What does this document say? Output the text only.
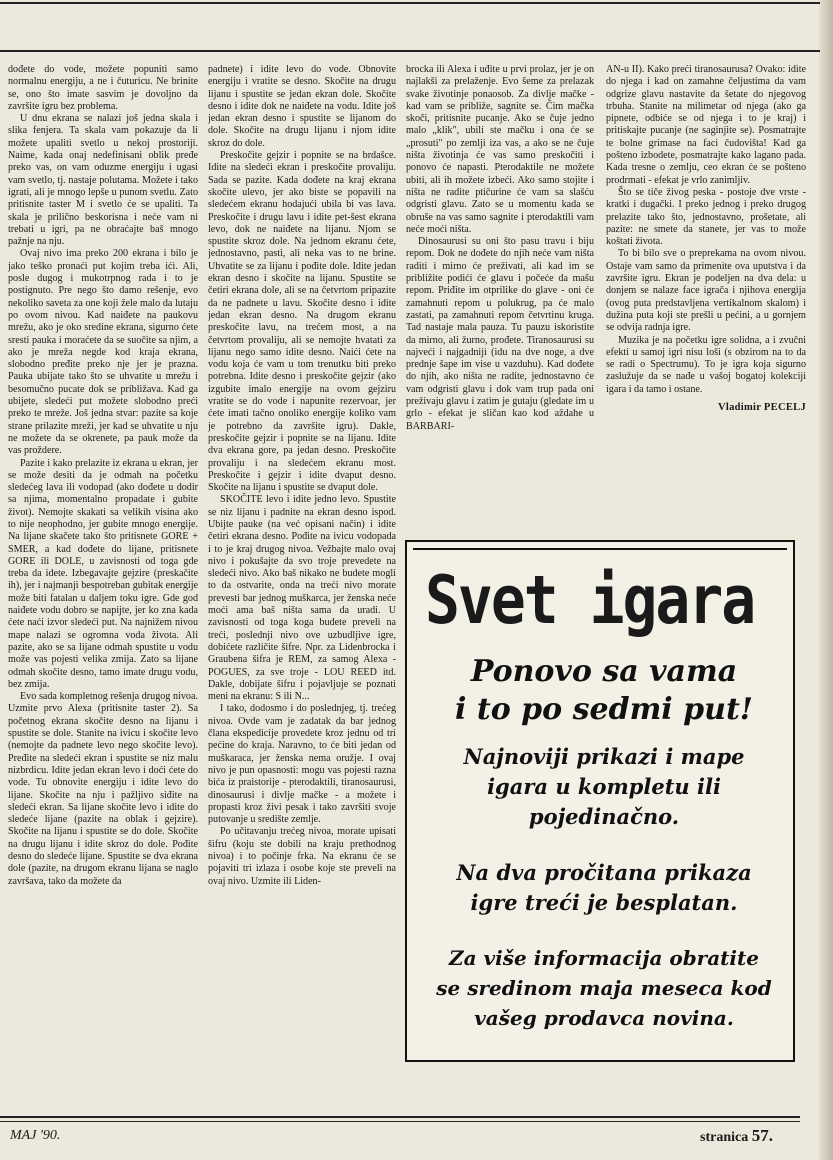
dođete do vode, možete popuniti samo normalnu energiju, a ne i čuturicu. Ne brinite se, ono što imate sasvim je dovoljno da završite igru bez problema.

U dnu ekrana se nalazi još jedna skala i slika fenjera. Ta skala vam pokazuje da li možete upaliti svetlo u nekoj prostoriji. Naime, kada onaj nedefinisani oblik pređe preko vas, on vam oduzme energiju i ugasi vam svetlo, tj. nastaje polutama. Možete i tako igrati, ali je mnogo lepše u punom svetlu. Zato pritisnite taster M i svetlo će se upaliti. Ta skala je prilično beskorisna i neće vam ni trebati u igri, pa ne obraćajte baš mnogo pažnje na nju.

Ovaj nivo ima preko 200 ekrana i bilo je jako teško pronaći put kojim treba ići. Ali, posle dugog i mukotrpnog rada i to je postignuto. Pre nego što damo rešenje, evo nekoliko saveta za one koji žele malo da lutaju po ovom nivou. Kad naiđete na paukovu mrežu, ako je oko sredine ekrana, sigurno ćete sresti pauka i moraćete da se suočite sa njim, a ako je mreža negde kod kraja ekrana, slobodno pređite preko nje jer je prazna. Pauka ubijate tako što se uhvatite u mrežu i besomučno pucate dok se približava. Kad ga ubijete, sledeći put možete slobodno preći preko te mreže. Još jedna stvar: pazite sa koje strane prilazite mreži, jer kad se uhvatite u nju ne možete da se okrenete, pa pauk može da vas proždere.

Pazite i kako prelazite iz ekrana u ekran, jer se može desiti da je odmah na početku sledećeg lava ili vodopad (ako dođete u dodir sa njima, momentalno propadate i gubite život). Nemojte skakati sa velikih visina ako to nije neophodno, jer gubite mnogo energije. Na lijane skačete tako što pritisnete GORE + SMER, a kad dođete do lijane, pritisnete GORE ili DOLE, u zavisnosti od toga gde treba da idete. Izbegavajte gejzire (preskačite ih), jer i najmanji bespotreban gubitak energije može biti fatalan u daljem toku igre. Gde god naiđete vodu dobro se napijte, jer ko zna kada ćete naći izvor sledeći put. Na najnižem nivou mape nalazi se ogromna voda života. Ali pazite, ako se sa lijane odmah spustite u vodu može vas pojesti velika zmija. Zato sa lijane odmah skočite desno, tamo imate drugu vodu, bez zmija.

Evo sada kompletnog rešenja drugog nivoa. Uzmite prvo Alexa (pritisnite taster 2). Sa početnog ekrana skočite desno na lijanu i spustite se dole. Stanite na ivicu i skočite levo (nemojte da padnete levo nego skočite levo). Pređite na sledeći ekran i spustite se niz malu nizbrdicu. Idite jedan ekran levo i doći ćete do vode. Tu obnovite energiju i idite levo do lijane. Skočite na nju i pažljivo siđite na sledeći ekran. Sa lijane skočite levo i idite do sledeće lijane (pazite na oblak i gejzire). Skočite na lijanu i spustite se do dole. Skočite na drugu lijanu i idite skroz do dole. Pođite desno do sledeće lijane. Spustite se dva ekrana dole (pazite, na drugom ekranu lijana se naglo završava, tako da možete da

padnete) i idite levo do vode. Obnovite energiju i vratite se desno. Skočite na drugu lijanu i spustite se jedan ekran dole. Skočite desno i idite dok ne naiđete na vodu. Idite još jedan ekran desno i spustite se lijanom do dole. Skočite na drugu lijanu i njom idite skroz do dole.

Preskočite gejzir i popnite se na brdašce. Idite na sledeći ekran i preskočite provaliju. Sada se pazite. Kada dođete na kraj ekrana skočite ulevo, jer ako biste se popavili na sledećem ekranu hodajući ubila bi vas lava. Preskočite i drugu lavu i idite pet-šest ekrana levo, dok ne naiđete na lijanu. Njom se spustite skroz dole. Na jednom ekranu ćete, jednostavno, pasti, ali neka vas to ne brine. Uhvatite se za lijanu i pođite dole. Idite jedan ekran desno i skočite na lijanu. Spustite se četiri ekrana dole, ali se na četvrtom pripazite da ne padnete u lavu. Skočite desno i idite jedan ekran desno. Na drugom ekranu preskočite lavu, na trećem most, a na četvrtom provaliju, ali se nemojte hvatati za lijanu nego samo idite desno. Naići ćete na vodu koja će vam u tom trenutku biti preko potrebna. Idite desno i preskočite gejzir (ako izgubite imalo energije na ovom gejziru vratite se do vode i napunite rezervoar, jer ćete imati tačno onoliko energije koliko vam je potrebno da završite igru). Dakle, preskočite gejzir i popnite se na lijanu. Idite dva ekrana gore, pa jedan desno. Preskočite provaliju i na sledećem ekranu most. Preskočite i gejzir i idite dvaput desno. Skočite na lijanu i spustite se dvaput dole.

SKOČITE levo i idite jedno levo. Spustite se niz lijanu i padnite na ekran desno ispod. Ubijte pauke (na već opisani način) i idite četiri ekrana desno. Pođite na ivicu vodopada i to je kraj drugog nivoa. Vežbajte malo ovaj nivo i pokušajte da svo troje prevedete na sledeći nivo. Ako baš nikako ne budete mogli to da ostvarite, onda na treći nivo morate prevesti bar jednog muškarca, jer ženska neće moći ama baš ništa sama da uradi. U zavisnosti od toga koga budete preveli na treći, poslednji nivo ove uzbudljive igre, dobićete različite šifre. Npr. za Lidenbrocka i Graubena šifra je REM, za samog Alexa - POGUES, za sve troje - LOU REED itd. Dakle, dobijate šifru i pojavljuje se poznati meni na ekranu: S ili N...

I tako, dodosmo i do poslednjeg, tj. trećeg nivoa. Ovde vam je zadatak da bar jednog člana ekspedicije provedete kroz jednu od tri pećine do kraja. Naravno, to će biti jedan od muškaraca, jer ženska nema oružje. I ovaj nivo je pun opasnosti: mogu vas pojesti razna bića iz praistorije - pterodaktili, tiranosaurusi, dinosaurusi i divlje mačke - a možete i propasti kroz živi pesak i tako završiti svoje putovanje u središte zemlje.

Po učitavanju trećeg nivoa, morate upisati šifru (koju ste dobili na kraju prethodnog nivoa) i to počinje frka. Na ekranu će se pojaviti tri izlaza i osobe koje ste preveli na ovaj nivo. Uzmite ili Liden-

brocka ili Alexa i uđite u prvi prolaz, jer je on najlakši za prelaženje. Evo šeme za prelazak svake životinje ponaosob. Za divlje mačke - kad vam se približe, sagnite se. Čim mačka skoči, pritisnite pucanje. Ako se čuje jedno malo „klik", ubili ste mačku i ona će se „prosuti" po zemlji iza vas, a ako se ne čuje ništa životinja će vas samo preskočiti i ponovo će napasti. Pterodaktile ne možete ubiti, ali ih možete izbeći. Ako samo stojite i ništa ne radite ptičurine će vam sa slašću odgristi glavu. Zato se u momentu kada se obruše na vas samo sagnite i pterodaktili vam neće moći ništa.

Dinosaurusi su oni što pasu travu i biju repom. Dok ne dođete do njih neće vam ništa raditi i mirno će preživati, ali kad im se približite podići će glavu i počeće da mašu repom. Priđite im otprilike do glave - oni će zamahnuti repom u polukrug, pa će malo zastati, pa zamahnuti repom četvrtinu kruga. Tad nastaje mala pauza. Tu pauzu iskoristite da mirno, ali žurno, prođete. Tiranosaurusi su najveći i najgadniji (idu na dve noge, a dve prednje šape im vise u vazduhu). Kad dođete do njih, ako ništa ne radite, jednostavno će vam odgristi glavu i dok vam trup pada oni preživaju glavu i zatim je gutaju (gledate im u grlo - efekat je sličan kao kod aždahe u BARBARI-

AN-u II). Kako preći tiranosaurusa? Ovako: idite do njega i kad on zamahne čeljustima da vam odgrize glavu nastavite da šetate do njegovog trbuha. Stanite na milimetar od njega (ako ga pipnete, odbiće se od njega i to je kraj) i pritiskajte pucanje (ne saginjite se). Posmatrajte te bolne grimase na faci čudovišta! Kad ga pošteno izbodete, posmatrajte kako lagano pada. Kada tresne o zemlju, ceo ekran će se pošteno prodrmati - efekat je vrlo zanimljiv.

Što se tiče živog peska - postoje dve vrste - kratki i dugački. I preko jednog i preko drugog prelazite tako što, jednostavno, prošetate, ali pazite: ne smete da stanete, jer vas to može koštati života.

To bi bilo sve o preprekama na ovom nivou. Ostaje vam samo da primenite ova uputstva i da završite igru. Ekran je podeljen na dva dela: u donjem se nalaze face igrača i njihova energija (ovog puta predstavljena vertikalnom skalom) i dužina puta koji ste prešli u pećini, a u gornjem se odvija radnja igre.

Muzika je na početku igre solidna, a i zvučni efekti u samoj igri nisu loši (s obzirom na to da se radi o Spectrumu). To je igra koja sigurno zaslužuje da se nađe u vašoj bogatoj kolekciji igara i da tamo i ostane.

Vladimir PECELJ
Svet igara
Ponovo sa vama
i to po sedmi put!
Najnoviji prikazi i mape
igara u kompletu ili
pojedinačno.
Na dva pročitana prikaza
igre treći je besplatan.
Za više informacija obratite
se sredinom maja meseca kod
vašeg prodavca novina.
MAJ '90.	stranica 57.
